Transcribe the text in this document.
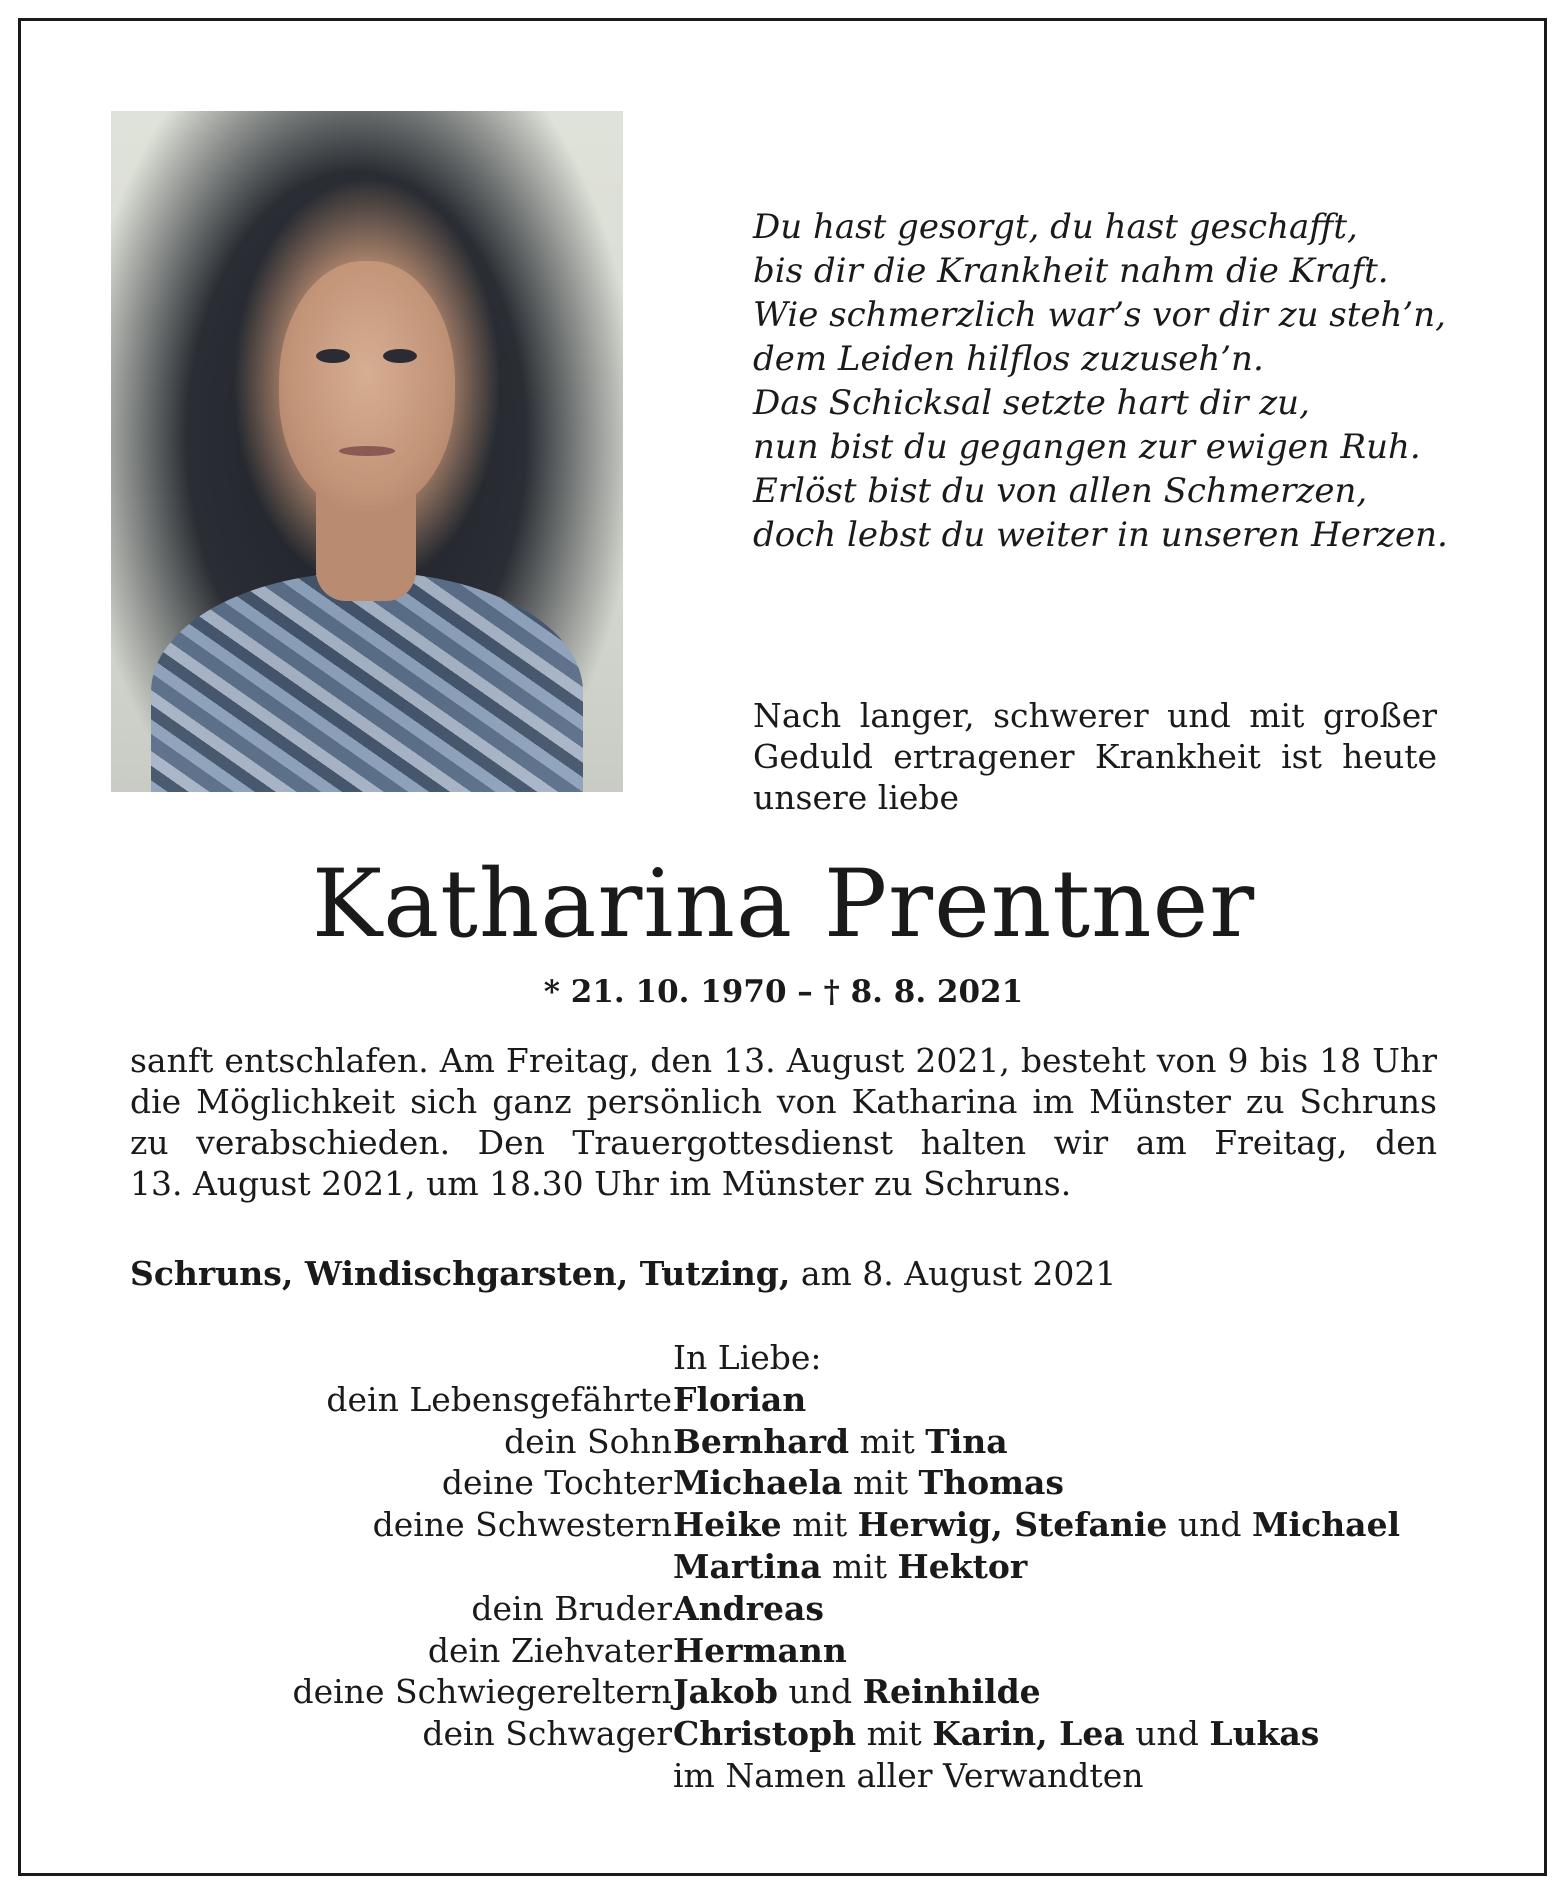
Du hast gesorgt, du hast geschafft,
bis dir die Krankheit nahm die Kraft.
Wie schmerzlich war’s vor dir zu steh’n,
dem Leiden hilflos zuzuseh’n.
Das Schicksal setzte hart dir zu,
nun bist du gegangen zur ewigen Ruh.
Erlöst bist du von allen Schmerzen,
doch lebst du weiter in unseren Herzen.
Nach langer, schwerer und mit großer
Geduld ertragener Krankheit ist heute
unsere liebe
Katharina Prentner
* 21. 10. 1970 – † 8. 8. 2021
sanft entschlafen. Am Freitag, den 13. August 2021, besteht von 9 bis 18 Uhr
die Möglichkeit sich ganz persönlich von Katharina im Münster zu Schruns
zu verabschieden. Den Trauergottesdienst halten wir am Freitag, den
13. August 2021, um 18.30 Uhr im Münster zu Schruns.
Schruns, Windischgarsten, Tutzing, am 8. August 2021
In Liebe:
dein Lebensgefährte Florian
dein Sohn Bernhard mit Tina
deine Tochter Michaela mit Thomas
deine Schwestern Heike mit Herwig, Stefanie und Michael
Martina mit Hektor
dein Bruder Andreas
dein Ziehvater Hermann
deine Schwiegereltern Jakob und Reinhilde
dein Schwager Christoph mit Karin, Lea und Lukas
im Namen aller Verwandten
